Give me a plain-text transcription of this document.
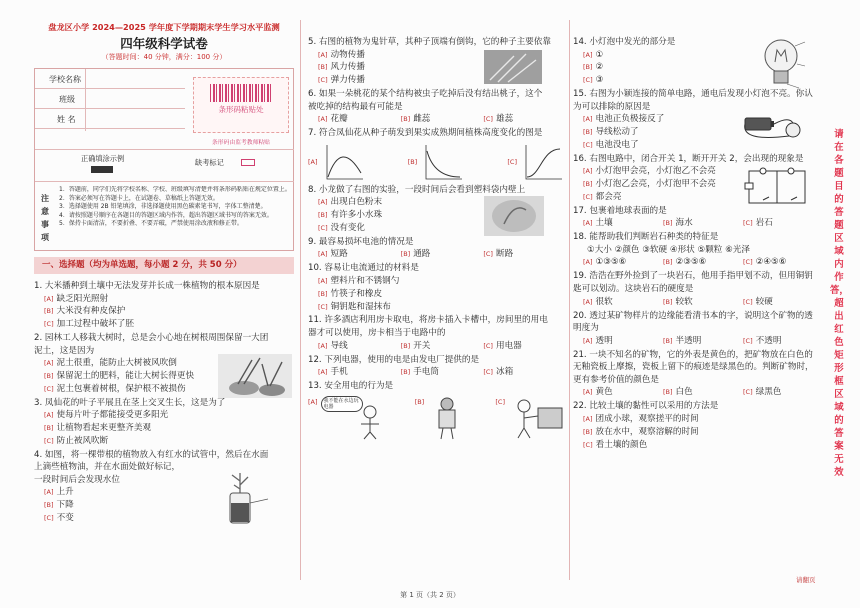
盘龙区小学 2024—2025 学年度下学期期末学生学习水平监测
四年级科学试卷
（答题时间：40 分钟，满分：100 分）
学校名称
班级
姓 名
条形码粘贴处
条形码由监考教师粘贴
正确填涂示例	缺考标记
注意事项
1．答题前，同学们先将学校名称、学校、班级填写清楚并将条形码粘贴在规定位置上。
2．答案必须写在答题卡上，在试题卷、草稿纸上答题无效。
3．选择题使用 2B 铅笔填涂，非选择题使用黑色碳素笔书写，字体工整清楚。
4．请按照题号顺序在各题目的答题区域内作答，超出答题区域书写的答案无效。
5．保持卡面清洁，不要折叠、不要弄破，严禁使用涂改液和修正带。
一、选择题（均为单选题，每小题 2 分，共 50 分）
1. 大米播种到土壤中无法发芽并长成一株植物的根本原因是
[A] 缺乏阳光照射
[B] 大米没有种皮保护
[C] 加工过程中破坏了胚
2. 园林工人移栽大树时，总是会小心地在树根周围保留一大团
泥土，这是因为
[A] 泥土很重，能防止大树被风吹倒
[B] 保留泥土的肥料，能让大树长得更快
[C] 泥土包裹着树根，保护根不被损伤
3. 凤仙花的叶子平展且在茎上交叉生长，这是为了
[A] 使每片叶子都能接受更多阳光
[B] 让植物看起来更整齐美观
[C] 防止被风吹断
4. 如图，将一棵带根的植物放入有红水的试管中，然后在水面
上滴些植物油，并在水面处做好标记，
一段时间后会发现水位
[A] 上升
[B] 下降
[C] 不变
5. 右图的植物为鬼针草，其种子顶端有倒钩，它的种子主要依靠
[A] 动物传播
[B] 风力传播
[C] 弹力传播
6. 如果一朵桃花的某个结构被虫子吃掉后没有结出桃子，这个
被吃掉的结构最有可能是
[A] 花瓣	[B] 雌蕊	[C] 雄蕊
7. 符合凤仙花从种子萌发到果实成熟期间植株高度变化的图是
[A]	[B]	[C]
8. 小龙做了右图的实验，一段时间后会看到塑料袋内壁上
[A] 出现白色粉末
[B] 有许多小水珠
[C] 没有变化
9. 最容易损坏电池的情况是
[A] 短路	[B] 通路	[C] 断路
10. 容易让电流通过的材料是
[A] 塑料片和不锈钢勺
[B] 竹筷子和橡皮
[C] 铜钥匙和湿抹布
11. 许多酒店利用房卡取电，将房卡插入卡槽中，房间里的用电
器才可以使用，房卡相当于电路中的
[A] 导线	[B] 开关	[C] 用电器
12. 下列电器，使用的电是由发电厂提供的是
[A] 手机	[B] 手电筒	[C] 冰箱
13. 安全用电的行为是
[A]	我不能在水边玩电器
[B]	[C]
14. 小灯泡中发光的部分是
[A] ①
[B] ②
[C] ③
15. 右图为小颖连接的简单电路，通电后发现小灯泡不亮。你认
为可以排除的原因是
[A] 电池正负极接反了
[B] 导线松动了
[C] 电池没电了
16. 右图电路中，闭合开关 1，断开开关 2，会出现的现象是
[A] 小灯泡甲会亮，小灯泡乙不会亮
[B] 小灯泡乙会亮，小灯泡甲不会亮
[C] 都会亮
17. 包裹着地球表面的是
[A] 土壤	[B] 海水	[C] 岩石
18. 能帮助我们判断岩石种类的特征是
①大小 ②颜色 ③软硬 ④形状 ⑤颗粒 ⑥光泽
[A] ①③⑤⑥	[B] ②③⑤⑥	[C] ②④⑤⑥
19. 浩浩在野外捡到了一块岩石，他用手指甲划不动，但用铜钥
匙可以划动。这块岩石的硬度是
[A] 很软	[B] 较软	[C] 较硬
20. 透过某矿物样片的边缘能看清书本的字，说明这个矿物的透
明度为
[A] 透明	[B] 半透明	[C] 不透明
21. 一块不知名的矿物，它的外表是黄色的，把矿物放在白色的
无釉瓷板上摩擦，瓷板上留下的痕迹是绿黑色的。判断矿物时，
更有参考价值的颜色是
[A] 黄色	[B] 白色	[C] 绿黑色
22. 比较土壤的黏性可以采用的方法是
[A] 团成小球，观察搓平的时间
[B] 放在水中，观察溶解的时间
[C] 看土壤的颜色
请在各题目的答题区域内作答，超出红色矩形框区域的答案无效
请翻页
第 1 页（共 2 页）
